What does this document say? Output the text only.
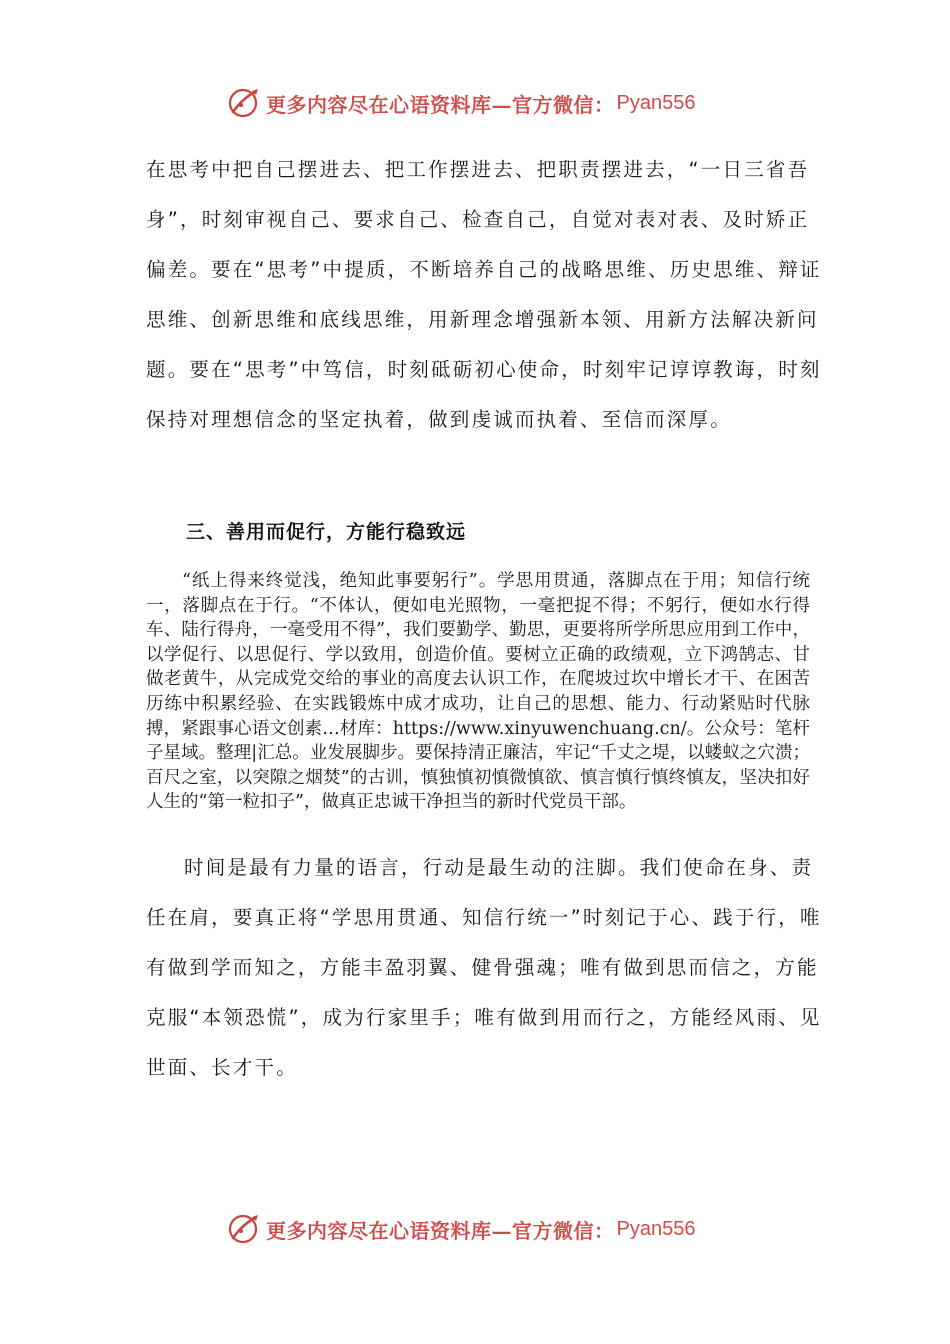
更多内容尽在心语资料库—官方微信： Pyan556

在思考中把自己摆进去、把工作摆进去、把职责摆进去，“一日三省吾身”，时刻审视自己、要求自己、检查自己，自觉对表对表、及时矫正偏差。要在“思考”中提质，不断培养自己的战略思维、历史思维、辩证思维、创新思维和底线思维，用新理念增强新本领、用新方法解决新问题。要在“思考”中笃信，时刻砥砺初心使命，时刻牢记谆谆教诲，时刻保持对理想信念的坚定执着，做到虔诚而执着、至信而深厚。

三、善用而促行，方能行稳致远

“纸上得来终觉浅，绝知此事要躬行”。学思用贯通，落脚点在于用；知信行统一，落脚点在于行。“不体认，便如电光照物，一毫把捉不得；不躬行，便如水行得车、陆行得舟，一毫受用不得”，我们要勤学、勤思，更要将所学所思应用到工作中，以学促行、以思促行、学以致用，创造价值。要树立正确的政绩观，立下鸿鹄志、甘做老黄牛，从完成党交给的事业的高度去认识工作，在爬坡过坎中增长才干、在困苦历练中积累经验、在实践锻炼中成才成功，让自己的思想、能力、行动紧贴时代脉搏，紧跟事心语文创素…材库：https://www.xinyuwenchuang.cn/。公众号：笔杆子星域。整理|汇总。业发展脚步。要保持清正廉洁，牢记“千丈之堤，以蝼蚁之穴溃；百尺之室，以突隙之烟焚”的古训，慎独慎初慎微慎欲、慎言慎行慎终慎友，坚决扣好人生的“第一粒扣子”，做真正忠诚干净担当的新时代党员干部。

时间是最有力量的语言，行动是最生动的注脚。我们使命在身、责任在肩，要真正将“学思用贯通、知信行统一”时刻记于心、践于行，唯有做到学而知之，方能丰盈羽翼、健骨强魂；唯有做到思而信之，方能克服“本领恐慌”，成为行家里手；唯有做到用而行之，方能经风雨、见世面、长才干。

更多内容尽在心语资料库—官方微信： Pyan556
